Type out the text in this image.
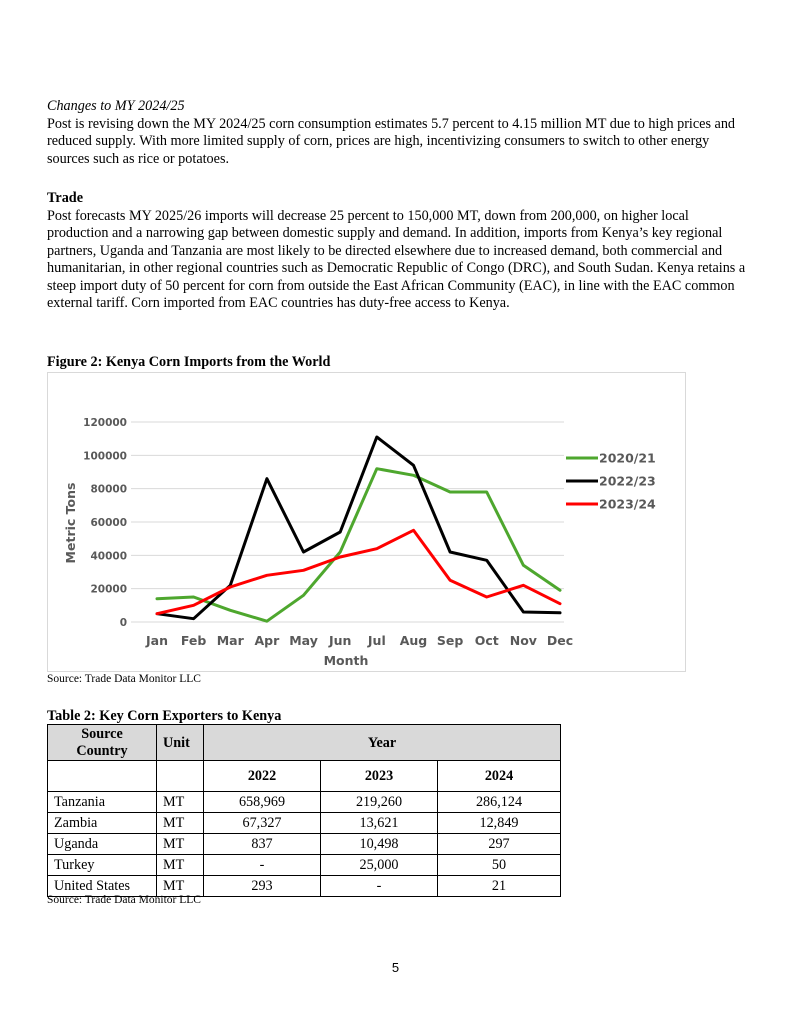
Changes to MY 2024/25
Post is revising down the MY 2024/25 corn consumption estimates 5.7 percent to 4.15 million MT due to high prices and reduced supply. With more limited supply of corn, prices are high, incentivizing consumers to switch to other energy sources such as rice or potatoes.
Trade
Post forecasts MY 2025/26 imports will decrease 25 percent to 150,000 MT, down from 200,000, on higher local production and a narrowing gap between domestic supply and demand. In addition, imports from Kenya’s key regional partners, Uganda and Tanzania are most likely to be directed elsewhere due to increased demand, both commercial and humanitarian, in other regional countries such as Democratic Republic of Congo (DRC), and South Sudan. Kenya retains a steep import duty of 50 percent for corn from outside the East African Community (EAC), in line with the EAC common external tariff. Corn imported from EAC countries has duty-free access to Kenya.
Figure 2: Kenya Corn Imports from the World
0
20000
40000
60000
80000
100000
120000
Jan Feb Mar Apr May Jun Jul Aug Sep Oct Nov Dec
Month
Metric Tons
2020/21
2022/23
2023/24
Source: Trade Data Monitor LLC
Table 2: Key Corn Exporters to Kenya
Source Country	Unit	Year		
		2022	2023	2024
Tanzania	MT	658,969	219,260	286,124
Zambia	MT	67,327	13,621	12,849
Uganda	MT	837	10,498	297
Turkey	MT	-	25,000	50
United States	MT	293	-	21
Source: Trade Data Monitor LLC
5
